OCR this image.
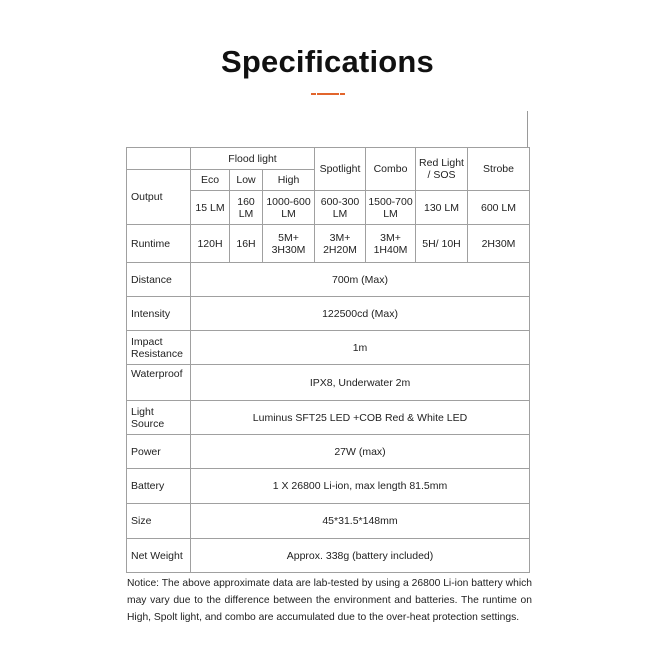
Specifications
	Flood light			Spotlight	Combo	Red Light / SOS	Strobe
Output	Eco	Low	High				
	15 LM	160 LM	1000-600 LM	600-300 LM	1500-700 LM	130 LM	600 LM
Runtime	120H	16H	5M+ 3H30M	3M+ 2H20M	3M+ 1H40M	5H/ 10H	2H30M
Distance	700m (Max)						
Intensity	122500cd (Max)						
Impact Resistance	1m						
Waterproof	IPX8, Underwater 2m						
Light Source	Luminus SFT25 LED +COB Red & White LED						
Power	27W (max)						
Battery	1 X 26800 Li-ion, max length 81.5mm						
Size	45*31.5*148mm						
Net Weight	Approx. 338g (battery included)						
Notice: The above approximate data are lab-tested by using a 26800 Li-ion battery which may vary due to the difference between the environment and batteries. The runtime on High, Spolt light, and combo are accumulated due to the over-heat protection settings.
